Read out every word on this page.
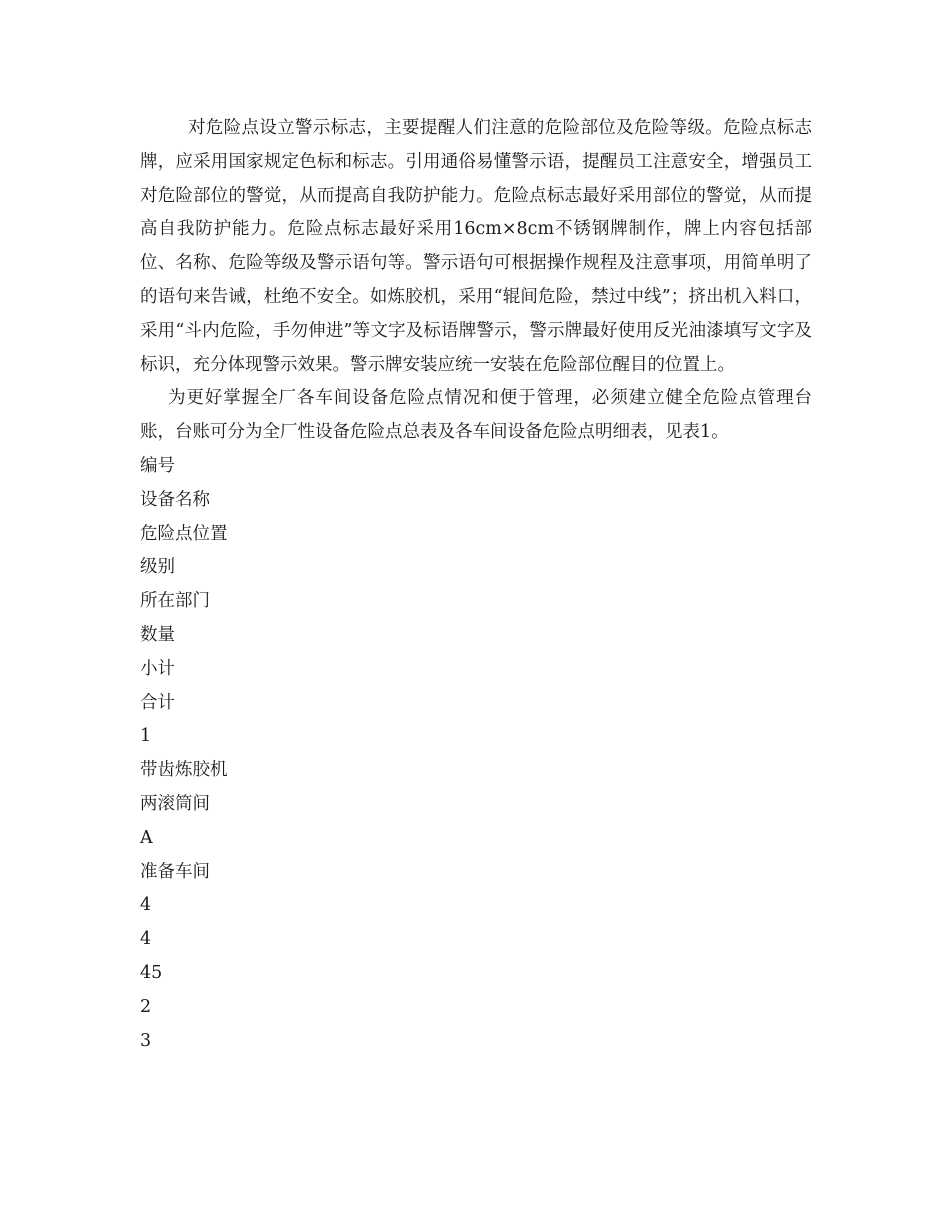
对危险点设立警示标志，主要提醒人们注意的危险部位及危险等级。危险点标志牌，应采用国家规定色标和标志。引用通俗易懂警示语，提醒员工注意安全，增强员工对危险部位的警觉，从而提高自我防护能力。危险点标志最好采用部位的警觉，从而提高自我防护能力。危险点标志最好采用16cm×8cm不锈钢牌制作，牌上内容包括部位、名称、危险等级及警示语句等。警示语句可根据操作规程及注意事项，用简单明了的语句来告诫，杜绝不安全。如炼胶机，采用“辊间危险，禁过中线”；挤出机入料口，采用“斗内危险，手勿伸进”等文字及标语牌警示，警示牌最好使用反光油漆填写文字及标识，充分体现警示效果。警示牌安装应统一安装在危险部位醒目的位置上。

为更好掌握全厂各车间设备危险点情况和便于管理，必须建立健全危险点管理台账，台账可分为全厂性设备危险点总表及各车间设备危险点明细表，见表1。

编号
设备名称
危险点位置
级别
所在部门
数量
小计
合计
1
带齿炼胶机
两滚筒间
A
准备车间
4
4
45
2
3
